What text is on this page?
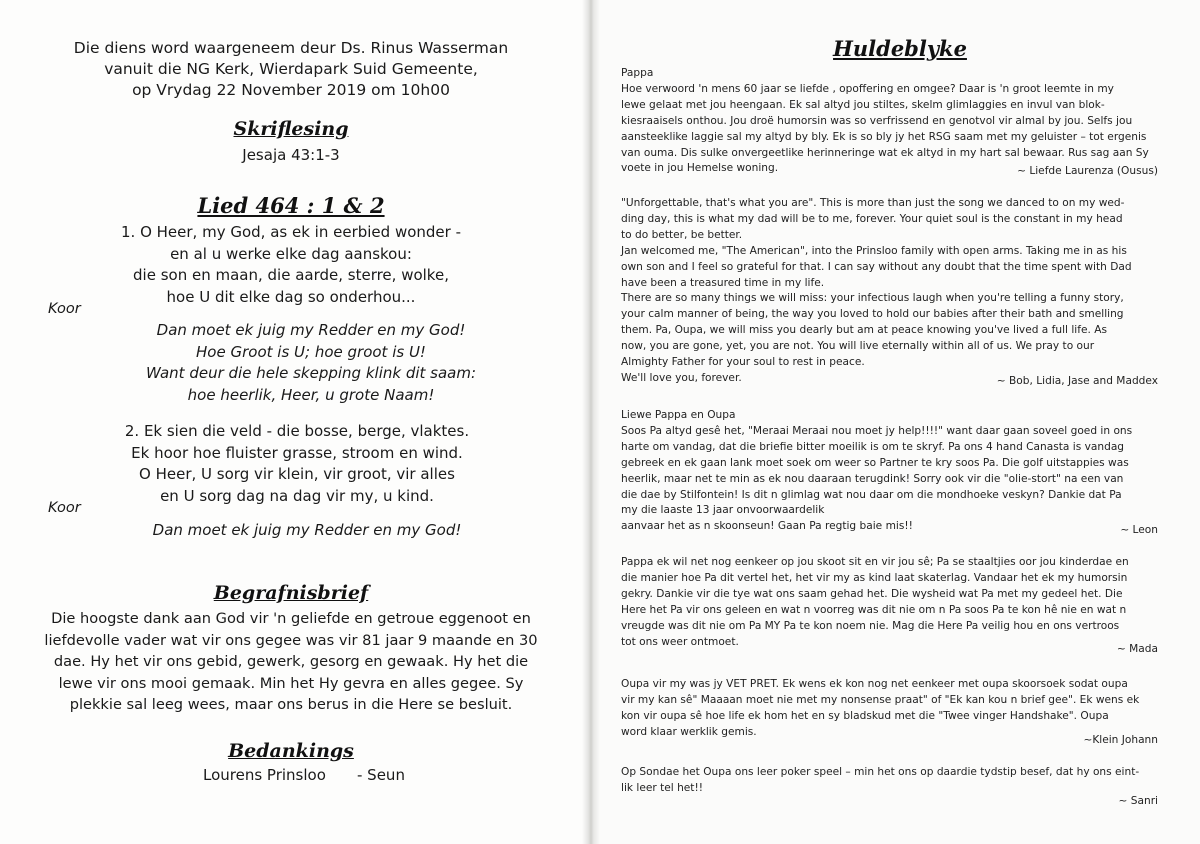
Die diens word waargeneem deur Ds. Rinus Wasserman
vanuit die NG Kerk, Wierdapark Suid Gemeente,
op Vrydag 22 November 2019 om 10h00
Skriflesing
Jesaja 43:1-3
Lied 464 : 1 & 2
1. O Heer, my God, as ek in eerbied wonder -
en al u werke elke dag aanskou:
die son en maan, die aarde, sterre, wolke,
hoe U dit elke dag so onderhou...
Koor
Dan moet ek juig my Redder en my God!
Hoe Groot is U; hoe groot is U!
Want deur die hele skepping klink dit saam:
hoe heerlik, Heer, u grote Naam!
2. Ek sien die veld - die bosse, berge, vlaktes.
Ek hoor hoe fluister grasse, stroom en wind.
O Heer, U sorg vir klein, vir groot, vir alles
en U sorg dag na dag vir my, u kind.
Koor
Dan moet ek juig my Redder en my God!
Begrafnisbrief
Die hoogste dank aan God vir 'n geliefde en getroue eggenoot en
liefdevolle vader wat vir ons gegee was vir 81 jaar 9 maande en 30
dae. Hy het vir ons gebid, gewerk, gesorg en gewaak. Hy het die
lewe vir ons mooi gemaak. Min het Hy gevra en alles gegee. Sy
plekkie sal leeg wees, maar ons berus in die Here se besluit.
Bedankings
Lourens Prinsloo - Seun
Huldeblyke

Pappa

Hoe verwoord 'n mens 60 jaar se liefde , opoffering en omgee? Daar is 'n groot leemte in my

lewe gelaat met jou heengaan. Ek sal altyd jou stiltes, skelm glimlaggies en invul van blok-

kiesraaisels onthou. Jou droë humorsin was so verfrissend en genotvol vir almal by jou. Selfs jou

aansteeklike laggie sal my altyd by bly. Ek is so bly jy het RSG saam met my geluister – tot ergenis

van ouma. Dis sulke onvergeetlike herinneringe wat ek altyd in my hart sal bewaar. Rus sag aan Sy

voete in jou Hemelse woning.	~ Liefde Laurenza (Ousus)

"Unforgettable, that's what you are". This is more than just the song we danced to on my wed-

ding day, this is what my dad will be to me, forever. Your quiet soul is the constant in my head

to do better, be better.

Jan welcomed me, "The American", into the Prinsloo family with open arms. Taking me in as his

own son and I feel so grateful for that. I can say without any doubt that the time spent with Dad

have been a treasured time in my life.

There are so many things we will miss: your infectious laugh when you're telling a funny story,

your calm manner of being, the way you loved to hold our babies after their bath and smelling

them. Pa, Oupa, we will miss you dearly but am at peace knowing you've lived a full life. As

now, you are gone, yet, you are not. You will live eternally within all of us. We pray to our

Almighty Father for your soul to rest in peace.

We'll love you, forever.	~ Bob, Lidia, Jase and Maddex

Liewe Pappa en Oupa

Soos Pa altyd gesê het, "Meraai Meraai nou moet jy help!!!!" want daar gaan soveel goed in ons

harte om vandag, dat die briefie bitter moeilik is om te skryf. Pa ons 4 hand Canasta is vandag

gebreek en ek gaan lank moet soek om weer so Partner te kry soos Pa. Die golf uitstappies was

heerlik, maar net te min as ek nou daaraan terugdink! Sorry ook vir die "olie-stort" na een van

die dae by Stilfontein! Is dit n glimlag wat nou daar om die mondhoeke veskyn? Dankie dat Pa

my die laaste 13 jaar onvoorwaardelik

aanvaar het as n skoonseun! Gaan Pa regtig baie mis!!	~ Leon

Pappa ek wil net nog eenkeer op jou skoot sit en vir jou sê; Pa se staaltjies oor jou kinderdae en

die manier hoe Pa dit vertel het, het vir my as kind laat skaterlag. Vandaar het ek my humorsin

gekry. Dankie vir die tye wat ons saam gehad het. Die wysheid wat Pa met my gedeel het. Die

Here het Pa vir ons geleen en wat n voorreg was dit nie om n Pa soos Pa te kon hê nie en wat n

vreugde was dit nie om Pa MY Pa te kon noem nie. Mag die Here Pa veilig hou en ons vertroos

tot ons weer ontmoet.

~ Mada

Oupa vir my was jy VET PRET. Ek wens ek kon nog net eenkeer met oupa skoorsoek sodat oupa

vir my kan sê" Maaaan moet nie met my nonsense praat" of "Ek kan kou n brief gee". Ek wens ek

kon vir oupa sê hoe life ek hom het en sy bladskud met die "Twee vinger Handshake". Oupa

word klaar werklik gemis.

~Klein Johann

Op Sondae het Oupa ons leer poker speel – min het ons op daardie tydstip besef, dat hy ons eint-

lik leer tel het!!

~ Sanri
